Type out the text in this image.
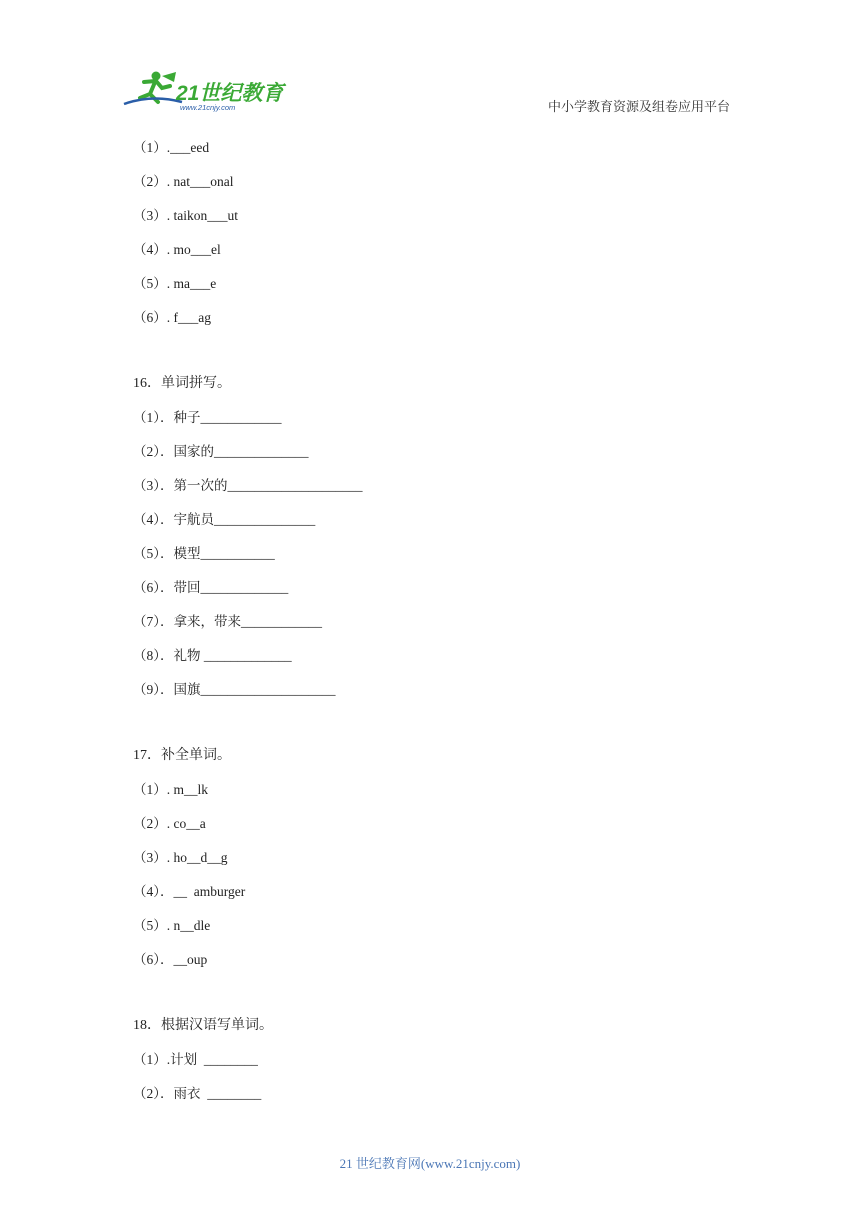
21世纪教育
www.21cnjy.com	中小学教育资源及组卷应用平台
（1）.___eed
（2）. nat___onal
（3）. taikon___ut
（4）. mo___el
（5）. ma___e
（6）. f___ag
16．单词拼写。
（1）．种子____________
（2）．国家的______________
（3）．第一次的____________________
（4）．宇航员_______________
（5）．模型___________
（6）．带回_____________
（7）．拿来，带来____________
（8）．礼物 _____________
（9）．国旗____________________
17．补全单词。
（1）. m__lk
（2）. co__a
（3）. ho__d__g
（4）．__  amburger
（5）. n__dle
（6）．__oup
18．根据汉语写单词。
（1）.计划  ________
（2）．雨衣  ________
21 世纪教育网(www.21cnjy.com)
